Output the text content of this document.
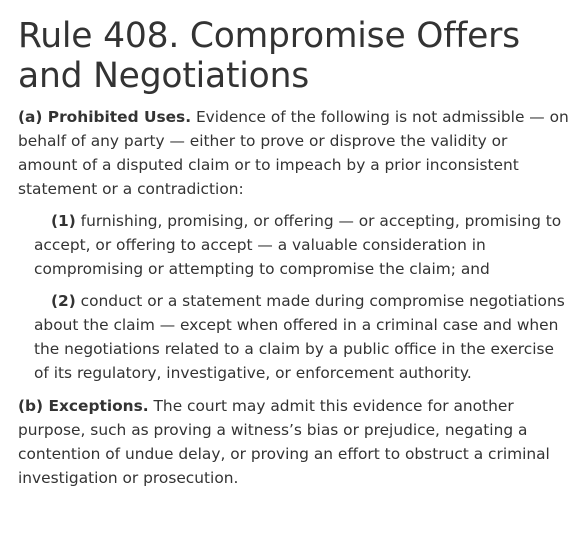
Rule 408. Compromise Offers and Negotiations

(a) Prohibited Uses. Evidence of the following is not admissible — on behalf of any party — either to prove or disprove the validity or amount of a disputed claim or to impeach by a prior inconsistent statement or a contradiction:

(1) furnishing, promising, or offering — or accepting, promising to accept, or offering to accept — a valuable consideration in compromising or attempting to compromise the claim; and

(2) conduct or a statement made during compromise negotiations about the claim — except when offered in a criminal case and when the negotiations related to a claim by a public office in the exercise of its regulatory, investigative, or enforcement authority.

(b) Exceptions. The court may admit this evidence for another purpose, such as proving a witness’s bias or prejudice, negating a contention of undue delay, or proving an effort to obstruct a criminal investigation or prosecution.
